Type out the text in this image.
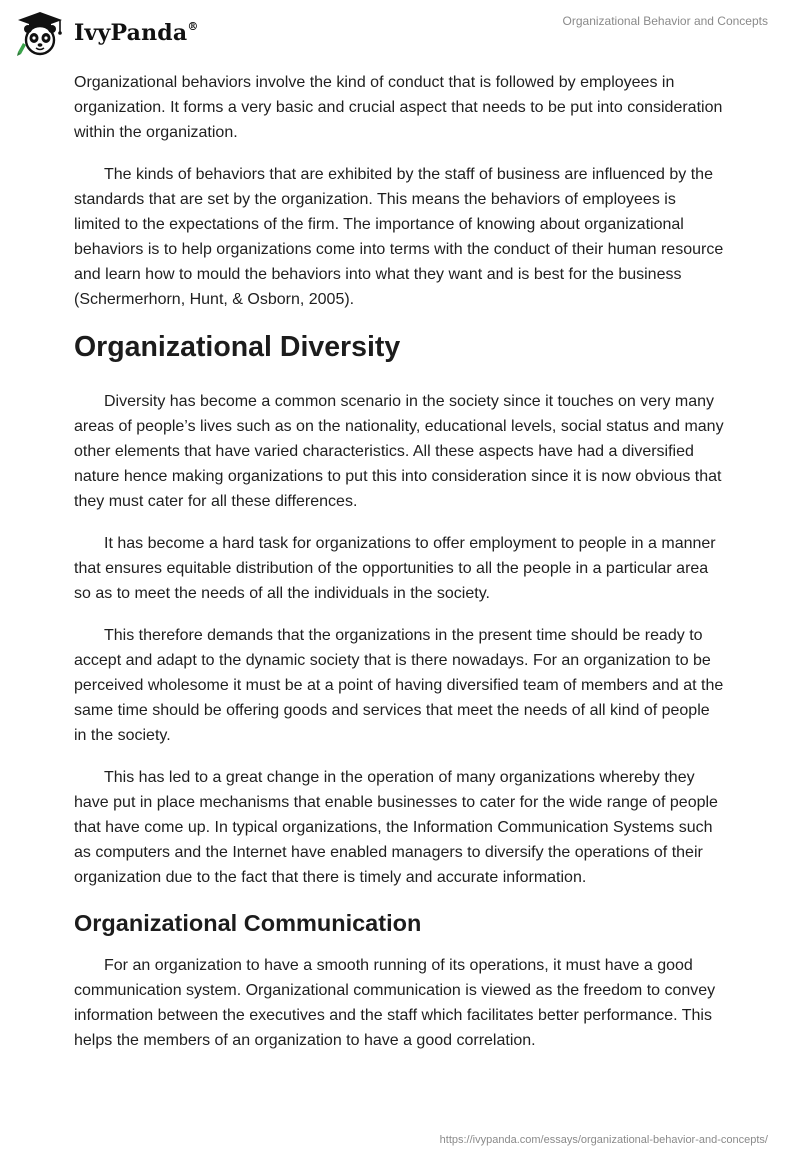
IvyPanda®	Organizational Behavior and Concepts

Organizational behaviors involve the kind of conduct that is followed by employees in organization. It forms a very basic and crucial aspect that needs to be put into consideration within the organization.

The kinds of behaviors that are exhibited by the staff of business are influenced by the standards that are set by the organization. This means the behaviors of employees is limited to the expectations of the firm. The importance of knowing about organizational behaviors is to help organizations come into terms with the conduct of their human resource and learn how to mould the behaviors into what they want and is best for the business (Schermerhorn, Hunt, & Osborn, 2005).

Organizational Diversity

Diversity has become a common scenario in the society since it touches on very many areas of people’s lives such as on the nationality, educational levels, social status and many other elements that have varied characteristics. All these aspects have had a diversified nature hence making organizations to put this into consideration since it is now obvious that they must cater for all these differences.

It has become a hard task for organizations to offer employment to people in a manner that ensures equitable distribution of the opportunities to all the people in a particular area so as to meet the needs of all the individuals in the society.

This therefore demands that the organizations in the present time should be ready to accept and adapt to the dynamic society that is there nowadays. For an organization to be perceived wholesome it must be at a point of having diversified team of members and at the same time should be offering goods and services that meet the needs of all kind of people in the society.

This has led to a great change in the operation of many organizations whereby they have put in place mechanisms that enable businesses to cater for the wide range of people that have come up. In typical organizations, the Information Communication Systems such as computers and the Internet have enabled managers to diversify the operations of their organization due to the fact that there is timely and accurate information.

Organizational Communication

For an organization to have a smooth running of its operations, it must have a good communication system. Organizational communication is viewed as the freedom to convey information between the executives and the staff which facilitates better performance. This helps the members of an organization to have a good correlation.

https://ivypanda.com/essays/organizational-behavior-and-concepts/
